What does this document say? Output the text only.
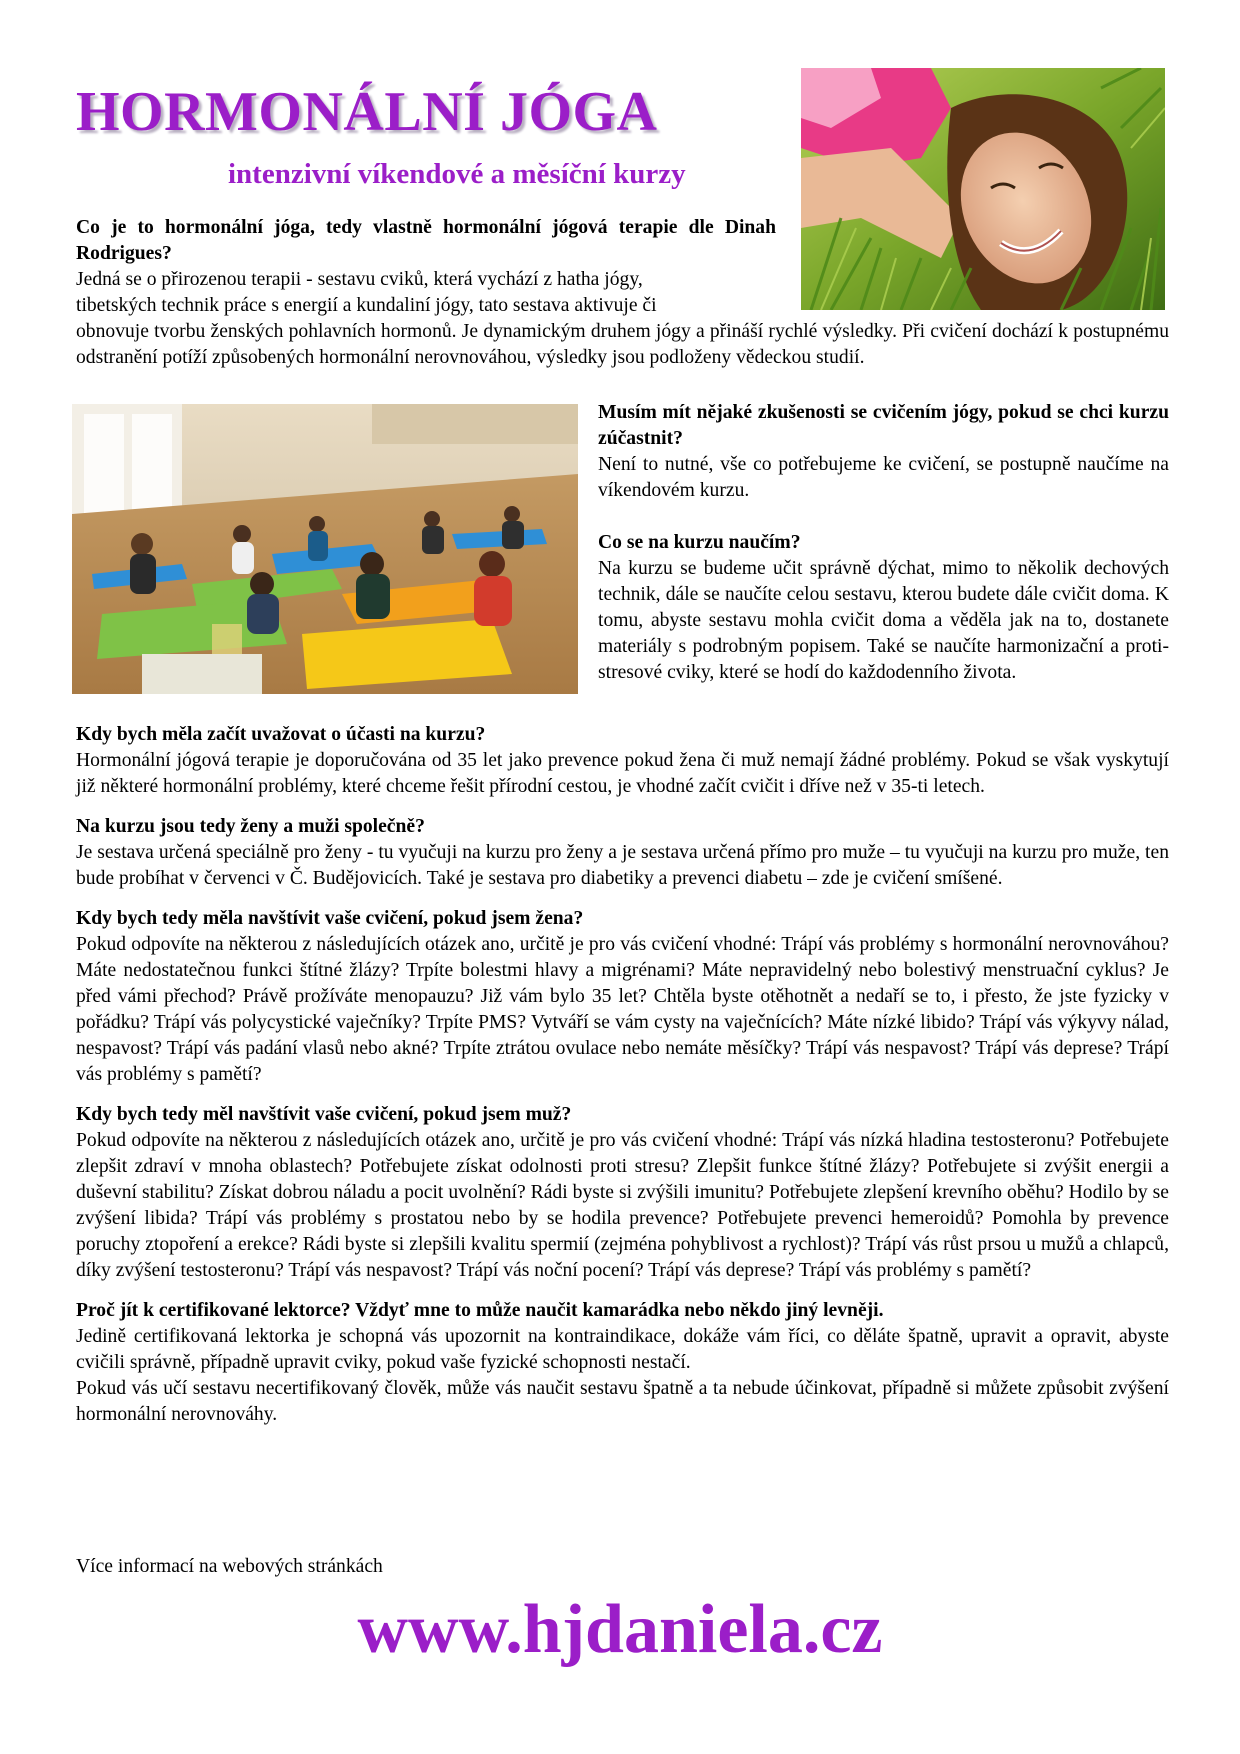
HORMONÁLNÍ JÓGA
intenzivní víkendové a měsíční kurzy

Co je to hormonální jóga, tedy vlastně hormonální jógová terapie dle Dinah Rodrigues?

Jedná se o přirozenou terapii - sestavu cviků, která vychází z hatha jógy,

tibetských technik práce s energií a kundaliní jógy, tato sestava aktivuje či

obnovuje tvorbu ženských pohlavních hormonů. Je dynamickým druhem jógy a přináší rychlé výsledky. Při cvičení dochází k postupnému odstranění potíží způsobených hormonální nerovnováhou, výsledky jsou podloženy vědeckou studií.

Musím mít nějaké zkušenosti se cvičením jógy, pokud se chci kurzu zúčastnit?

Není to nutné, vše co potřebujeme ke cvičení, se postupně naučíme na víkendovém kurzu.

Co se na kurzu naučím?

Na kurzu se budeme učit správně dýchat, mimo to několik dechových technik, dále se naučíte celou sestavu, kterou budete dále cvičit doma. K tomu, abyste sestavu mohla cvičit doma a věděla jak na to, dostanete materiály s podrobným popisem. Také se naučíte harmonizační a proti-stresové cviky, které se hodí do každodenního života.

Kdy bych měla začít uvažovat o účasti na kurzu?

Hormonální jógová terapie je doporučována od 35 let jako prevence pokud žena či muž nemají žádné problémy. Pokud se však vyskytují již některé hormonální problémy, které chceme řešit přírodní cestou, je vhodné začít cvičit i dříve než v 35-ti letech.

Na kurzu jsou tedy ženy a muži společně?

Je sestava určená speciálně pro ženy - tu vyučuji na kurzu pro ženy a je sestava určená přímo pro muže – tu vyučuji na kurzu pro muže, ten bude probíhat v červenci v Č. Budějovicích. Také je sestava pro diabetiky a prevenci diabetu – zde je cvičení smíšené.

Kdy bych tedy měla navštívit vaše cvičení, pokud jsem žena?

Pokud odpovíte na některou z následujících otázek ano, určitě je pro vás cvičení vhodné: Trápí vás problémy s hormonální nerovnováhou? Máte nedostatečnou funkci štítné žlázy? Trpíte bolestmi hlavy a migrénami? Máte nepravidelný nebo bolestivý menstruační cyklus? Je před vámi přechod? Právě prožíváte menopauzu? Již vám bylo 35 let? Chtěla byste otěhotnět a nedaří se to, i přesto, že jste fyzicky v pořádku? Trápí vás polycystické vaječníky? Trpíte PMS? Vytváří se vám cysty na vaječnících? Máte nízké libido? Trápí vás výkyvy nálad, nespavost? Trápí vás padání vlasů nebo akné? Trpíte ztrátou ovulace nebo nemáte měsíčky? Trápí vás nespavost? Trápí vás deprese? Trápí vás problémy s pamětí?

Kdy bych tedy měl navštívit vaše cvičení, pokud jsem muž?

Pokud odpovíte na některou z následujících otázek ano, určitě je pro vás cvičení vhodné: Trápí vás nízká hladina testosteronu? Potřebujete zlepšit zdraví v mnoha oblastech? Potřebujete získat odolnosti proti stresu? Zlepšit funkce štítné žlázy? Potřebujete si zvýšit energii a duševní stabilitu? Získat dobrou náladu a pocit uvolnění? Rádi byste si zvýšili imunitu? Potřebujete zlepšení krevního oběhu? Hodilo by se zvýšení libida? Trápí vás problémy s prostatou nebo by se hodila prevence? Potřebujete prevenci hemeroidů? Pomohla by prevence poruchy ztopoření a erekce? Rádi byste si zlepšili kvalitu spermií (zejména pohyblivost a rychlost)? Trápí vás růst prsou u mužů a chlapců, díky zvýšení testosteronu? Trápí vás nespavost? Trápí vás noční pocení? Trápí vás deprese? Trápí vás problémy s pamětí?

Proč jít k certifikované lektorce? Vždyť mne to může naučit kamarádka nebo někdo jiný levněji.

Jedině certifikovaná lektorka je schopná vás upozornit na kontraindikace, dokáže vám říci, co děláte špatně, upravit a opravit, abyste cvičili správně, případně upravit cviky, pokud vaše fyzické schopnosti nestačí.

Pokud vás učí sestavu necertifikovaný člověk, může vás naučit sestavu špatně a ta nebude účinkovat, případně si můžete způsobit zvýšení hormonální nerovnováhy.

Více informací na webových stránkách

www.hjdaniela.cz
